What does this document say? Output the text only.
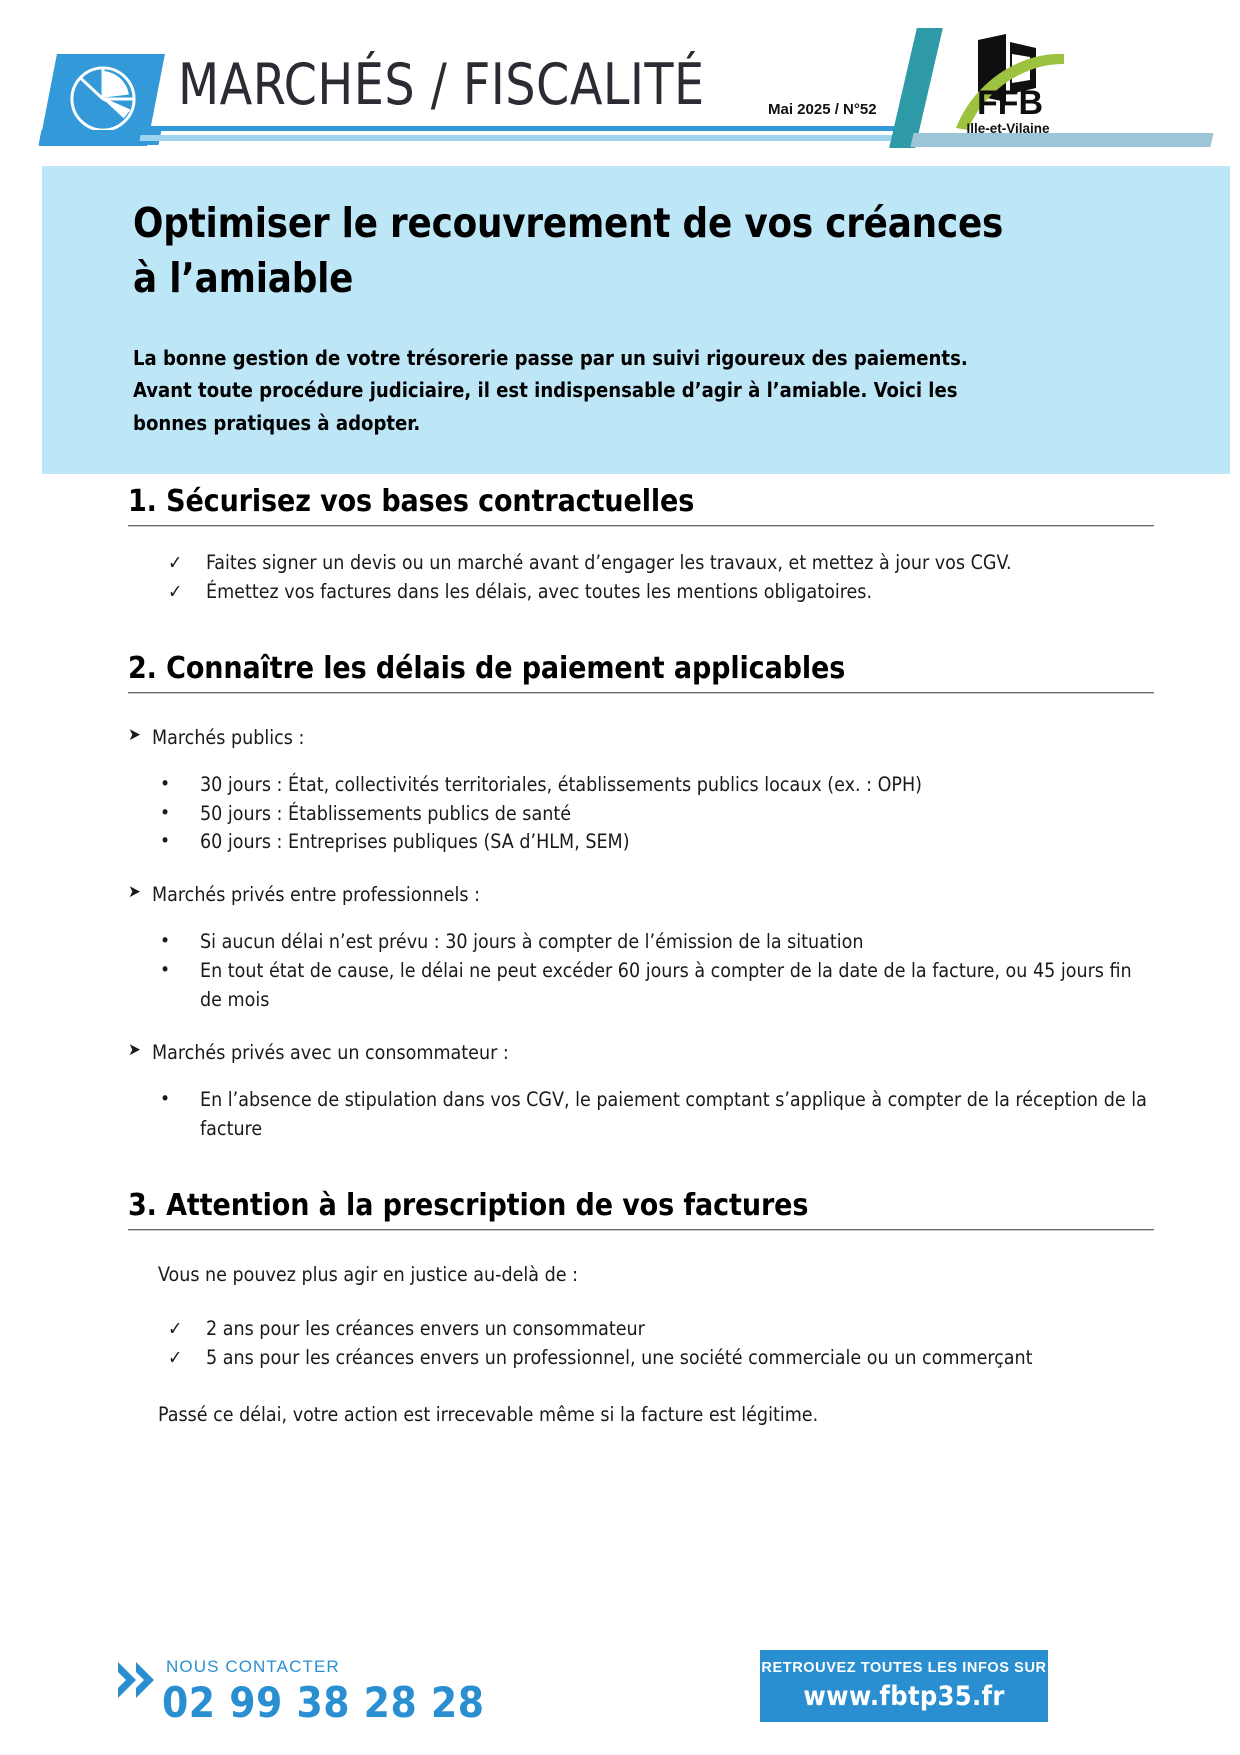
MARCHÉS / FISCALITÉ	Mai 2025 / N°52	FFB
Ille-et-Vilaine
Optimiser le recouvrement de vos créances à l’amiable

La bonne gestion de votre trésorerie passe par un suivi rigoureux des paiements. Avant toute procédure judiciaire, il est indispensable d’agir à l’amiable. Voici les bonnes pratiques à adopter.

1. Sécurisez vos bases contractuelles
✓	Faites signer un devis ou un marché avant d’engager les travaux, et mettez à jour vos CGV.
✓	Émettez vos factures dans les délais, avec toutes les mentions obligatoires.
2. Connaître les délais de paiement applicables
➤ Marchés publics :
•	30 jours : État, collectivités territoriales, établissements publics locaux (ex. : OPH)
•	50 jours : Établissements publics de santé
•	60 jours : Entreprises publiques (SA d’HLM, SEM)
➤ Marchés privés entre professionnels :
•	Si aucun délai n’est prévu : 30 jours à compter de l’émission de la situation
•	En tout état de cause, le délai ne peut excéder 60 jours à compter de la date de la facture, ou 45 jours fin de mois
➤ Marchés privés avec un consommateur :
•	En l’absence de stipulation dans vos CGV, le paiement comptant s’applique à compter de la réception de la facture
3. Attention à la prescription de vos factures

Vous ne pouvez plus agir en justice au-delà de :

✓	2 ans pour les créances envers un consommateur
✓	5 ans pour les créances envers un professionnel, une société commerciale ou un commerçant

Passé ce délai, votre action est irrecevable même si la facture est légitime.

NOUS CONTACTER
02 99 38 28 28
RETROUVEZ TOUTES LES INFOS SUR
www.fbtp35.fr
